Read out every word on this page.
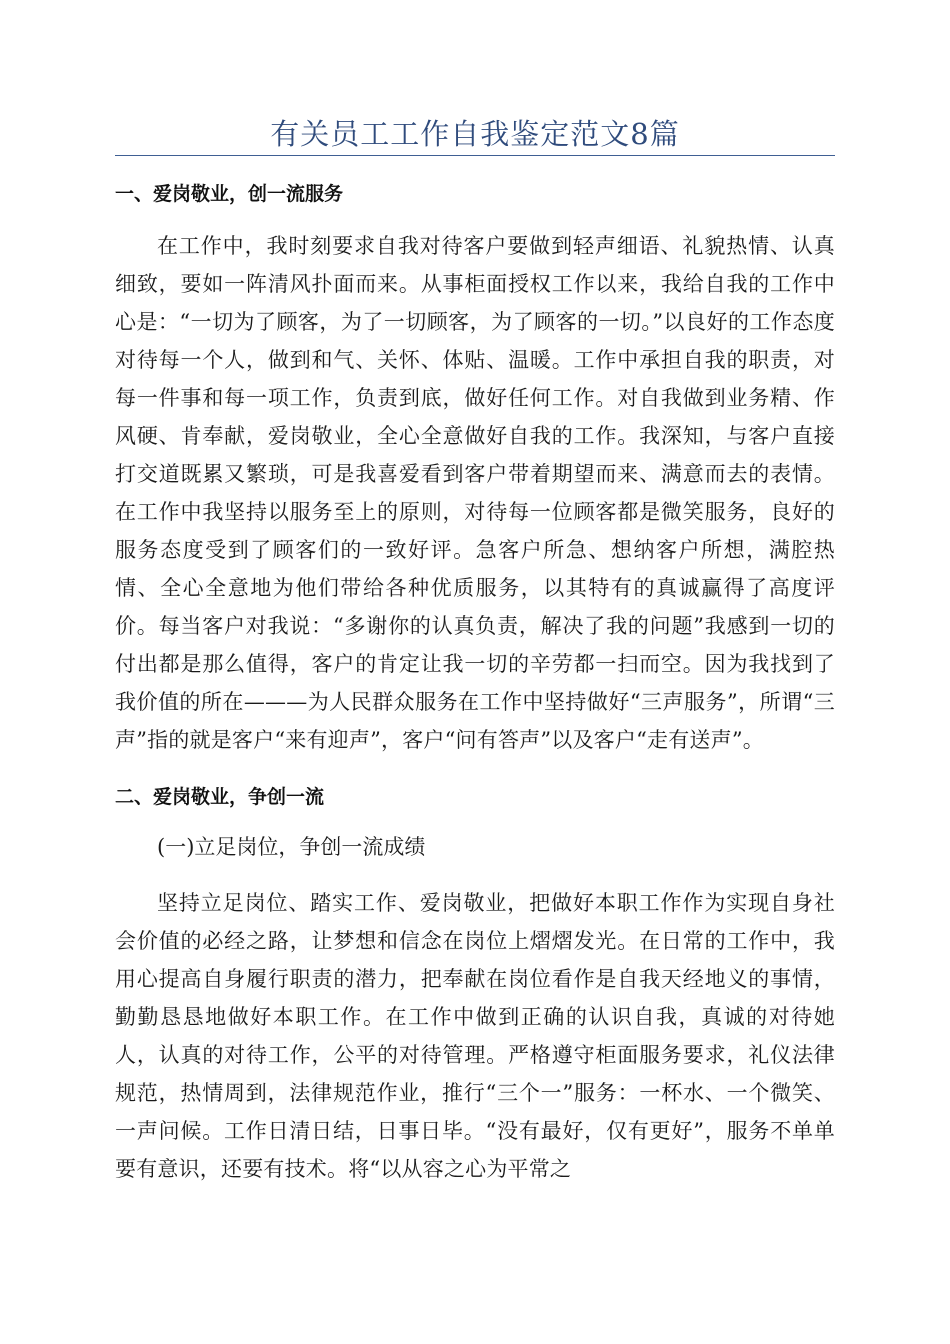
有关员工工作自我鉴定范文8篇
一、爱岗敬业，创一流服务

在工作中，我时刻要求自我对待客户要做到轻声细语、礼貌热情、认真细致，要如一阵清风扑面而来。从事柜面授权工作以来，我给自我的工作中心是：“一切为了顾客，为了一切顾客，为了顾客的一切。”以良好的工作态度对待每一个人，做到和气、关怀、体贴、温暖。工作中承担自我的职责，对每一件事和每一项工作，负责到底，做好任何工作。对自我做到业务精、作风硬、肯奉献，爱岗敬业，全心全意做好自我的工作。我深知，与客户直接打交道既累又繁琐，可是我喜爱看到客户带着期望而来、满意而去的表情。在工作中我坚持以服务至上的原则，对待每一位顾客都是微笑服务，良好的服务态度受到了顾客们的一致好评。急客户所急、想纳客户所想，满腔热情、全心全意地为他们带给各种优质服务，以其特有的真诚赢得了高度评价。每当客户对我说：“多谢你的认真负责，解决了我的问题”我感到一切的付出都是那么值得，客户的肯定让我一切的辛劳都一扫而空。因为我找到了我价值的所在———为人民群众服务在工作中坚持做好“三声服务”，所谓“三声”指的就是客户“来有迎声”，客户“问有答声”以及客户“走有送声”。

二、爱岗敬业，争创一流

(一)立足岗位，争创一流成绩

坚持立足岗位、踏实工作、爱岗敬业，把做好本职工作作为实现自身社会价值的必经之路，让梦想和信念在岗位上熠熠发光。在日常的工作中，我用心提高自身履行职责的潜力，把奉献在岗位看作是自我天经地义的事情，勤勤恳恳地做好本职工作。在工作中做到正确的认识自我，真诚的对待她人，认真的对待工作，公平的对待管理。严格遵守柜面服务要求，礼仪法律规范，热情周到，法律规范作业，推行“三个一”服务：一杯水、一个微笑、一声问候。工作日清日结，日事日毕。“没有最好，仅有更好”，服务不单单要有意识，还要有技术。将“以从容之心为平常之
